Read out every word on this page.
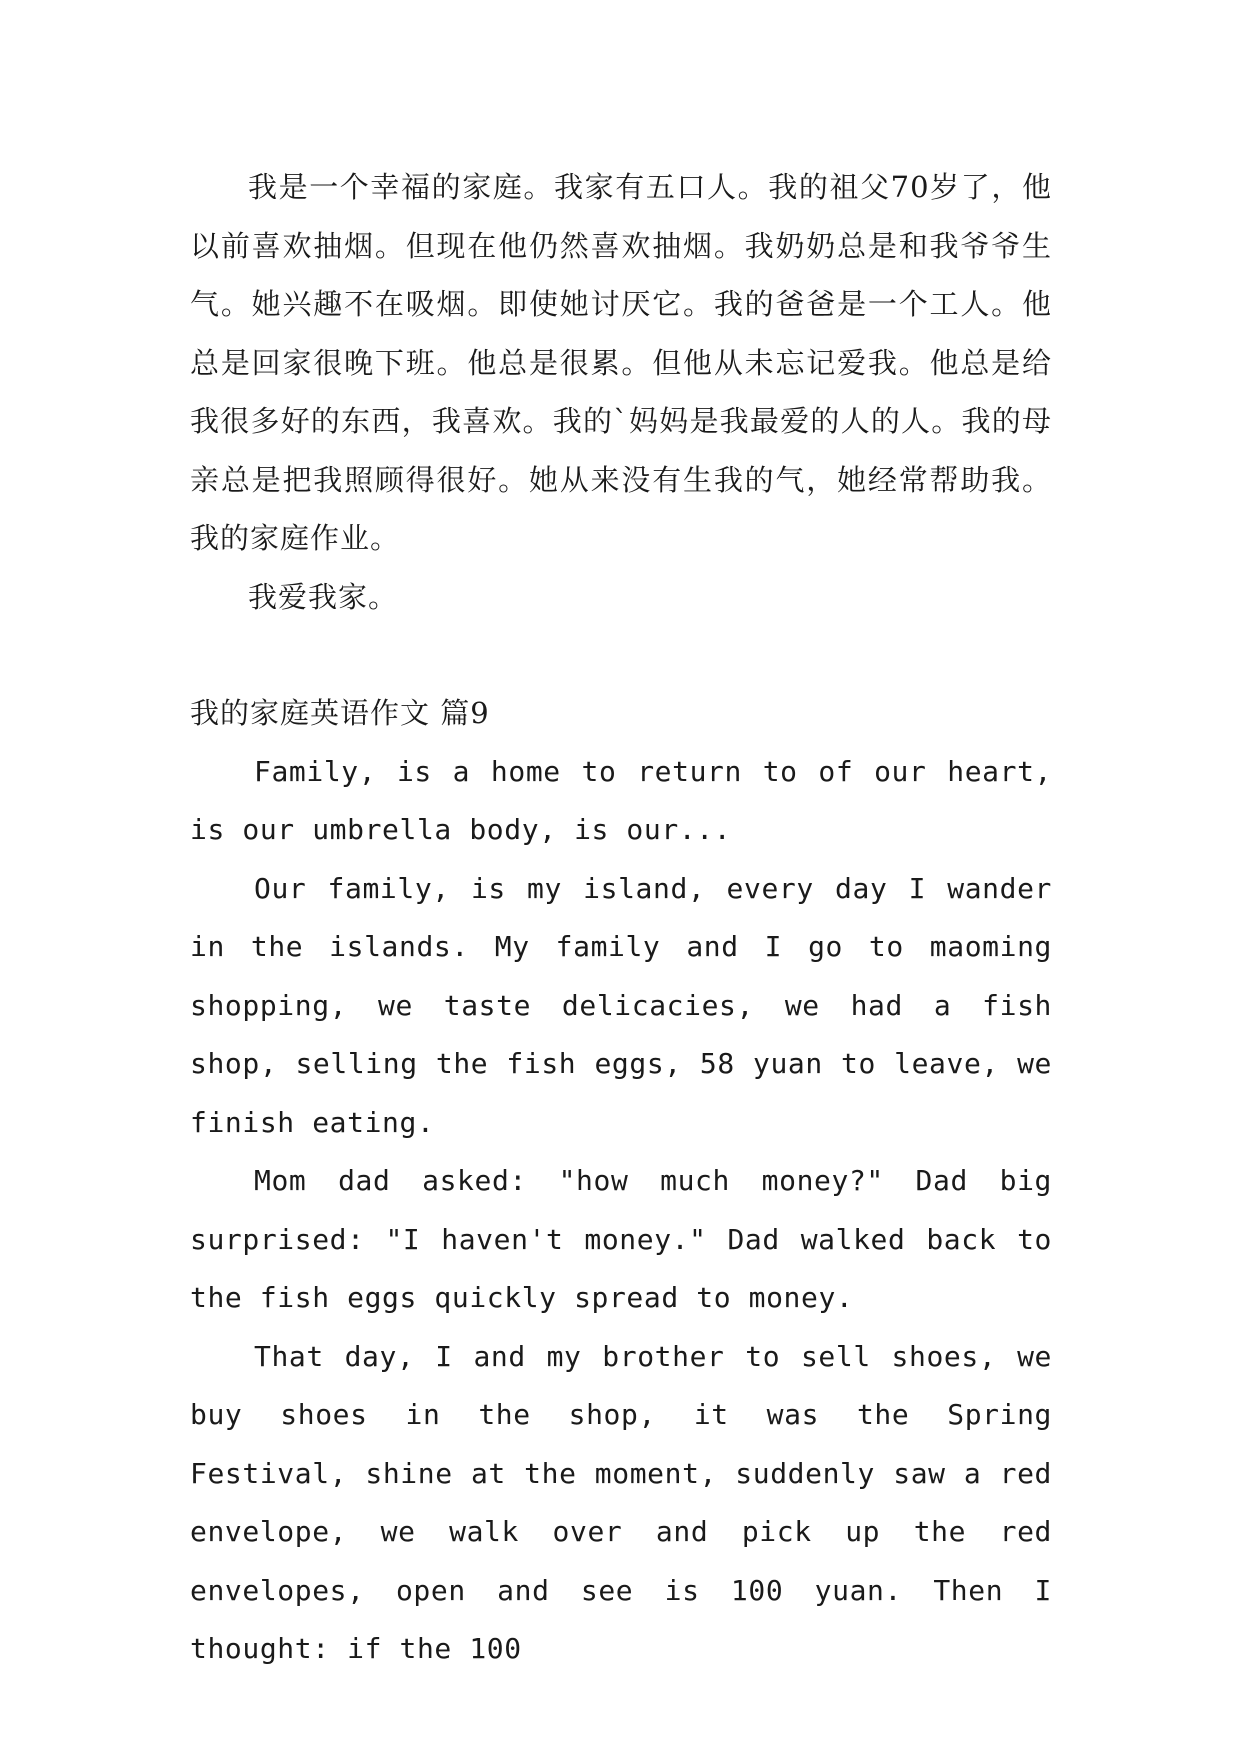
我是一个幸福的家庭。我家有五口人。我的祖父70岁了，他以前喜欢抽烟。但现在他仍然喜欢抽烟。我奶奶总是和我爷爷生气。她兴趣不在吸烟。即使她讨厌它。我的爸爸是一个工人。他总是回家很晚下班。他总是很累。但他从未忘记爱我。他总是给我很多好的东西，我喜欢。我的`妈妈是我最爱的人的人。我的母亲总是把我照顾得很好。她从来没有生我的气，她经常帮助我。我的家庭作业。

我爱我家。

我的家庭英语作文 篇9

Family, is a home to return to of our heart, is our umbrella body, is our...

Our family, is my island, every day I wander in the islands. My family and I go to maoming shopping, we taste delicacies, we had a fish shop, selling the fish eggs, 58 yuan to leave, we finish eating.

Mom dad asked: "how much money?" Dad big surprised: "I haven't money." Dad walked back to the fish eggs quickly spread to money.

That day, I and my brother to sell shoes, we buy shoes in the shop, it was the Spring Festival, shine at the moment, suddenly saw a red envelope, we walk over and pick up the red envelopes, open and see is 100 yuan. Then I thought: if the 100
